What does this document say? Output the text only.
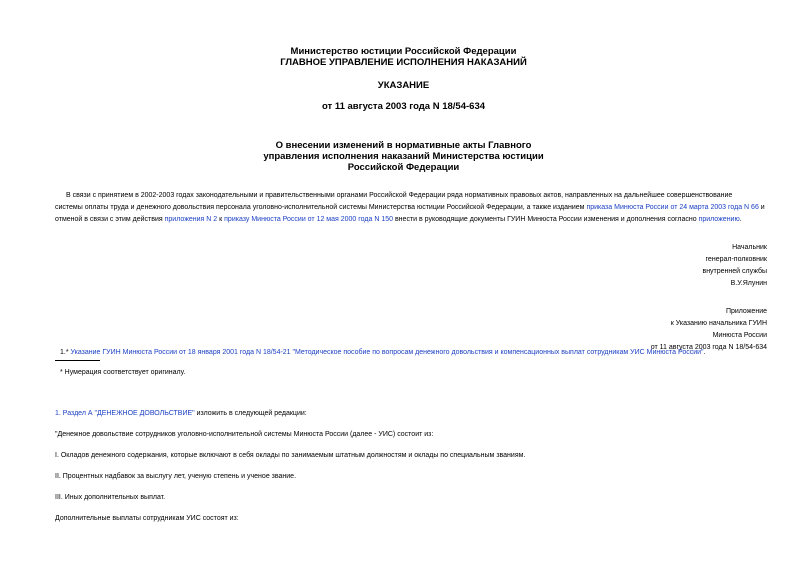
Министерство юстиции Российской Федерации
ГЛАВНОЕ УПРАВЛЕНИЕ ИСПОЛНЕНИЯ НАКАЗАНИЙ
УКАЗАНИЕ
от 11 августа 2003 года N 18/54-634
О внесении изменений в нормативные акты Главного
управления исполнения наказаний Министерства юстиции
Российской Федерации
В связи с принятием в 2002-2003 годах законодательными и правительственными органами Российской Федерации ряда нормативных правовых актов, направленных на дальнейшее совершенствование
системы оплаты труда и денежного довольствия персонала уголовно-исполнительной системы Министерства юстиции Российской Федерации, а также изданием приказа Минюста России от 24 марта 2003 года N 66 и
отменой в связи с этим действия приложения N 2 к приказу Минюста России от 12 мая 2000 года N 150 внести в руководящие документы ГУИН Минюста России изменения и дополнения согласно приложению.
Начальник
генерал-полковник
внутренней службы
В.У.Ялунин
Приложение
к Указанию начальника ГУИН
Минюста России
от 11 августа 2003 года N 18/54-634
1.* Указание ГУИН Минюста России от 18 января 2001 года N 18/54-21 "Методическое пособие по вопросам денежного довольствия и компенсационных выплат сотрудникам УИС Минюста России".
* Нумерация соответствует оригиналу.
1. Раздел А "ДЕНЕЖНОЕ ДОВОЛЬСТВИЕ" изложить в следующей редакции:
"Денежное довольствие сотрудников уголовно-исполнительной системы Минюста России (далее - УИС) состоит из:
I. Окладов денежного содержания, которые включают в себя оклады по занимаемым штатным должностям и оклады по специальным званиям.
II. Процентных надбавок за выслугу лет, ученую степень и ученое звание.
III. Иных дополнительных выплат.
Дополнительные выплаты сотрудникам УИС состоят из:
